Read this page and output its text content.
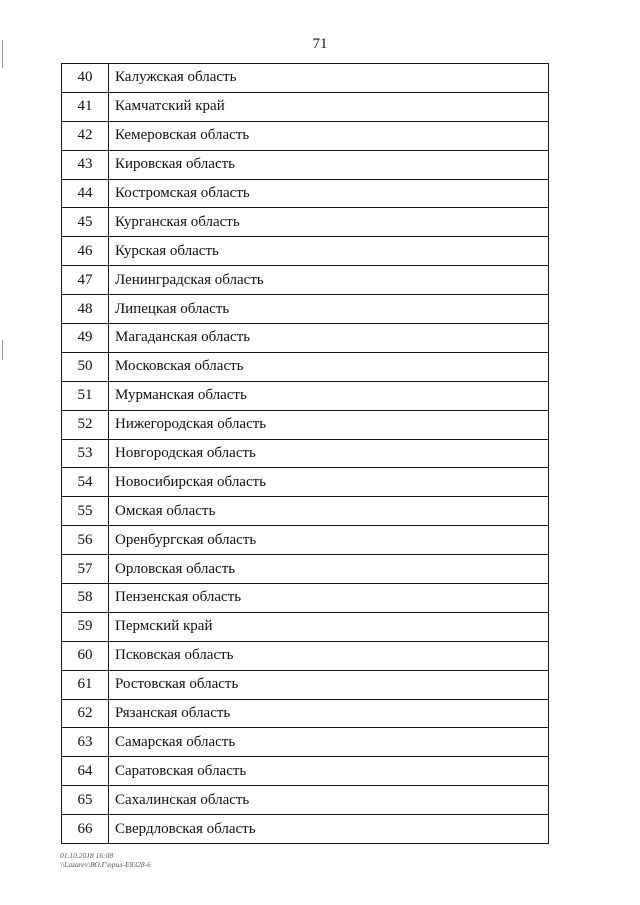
71
40	Калужская область
41	Камчатский край
42	Кемеровская область
43	Кировская область
44	Костромская область
45	Курганская область
46	Курская область
47	Ленинградская область
48	Липецкая область
49	Магаданская область
50	Московская область
51	Мурманская область
52	Нижегородская область
53	Новгородская область
54	Новосибирская область
55	Омская область
56	Оренбургская область
57	Орловская область
58	Пензенская область
59	Пермский край
60	Псковская область
61	Ростовская область
62	Рязанская область
63	Самарская область
64	Саратовская область
65	Сахалинская область
66	Свердловская область
01.10.2018 16:08
\\Lazarev\ВО.Г\прил-Е8328-6
